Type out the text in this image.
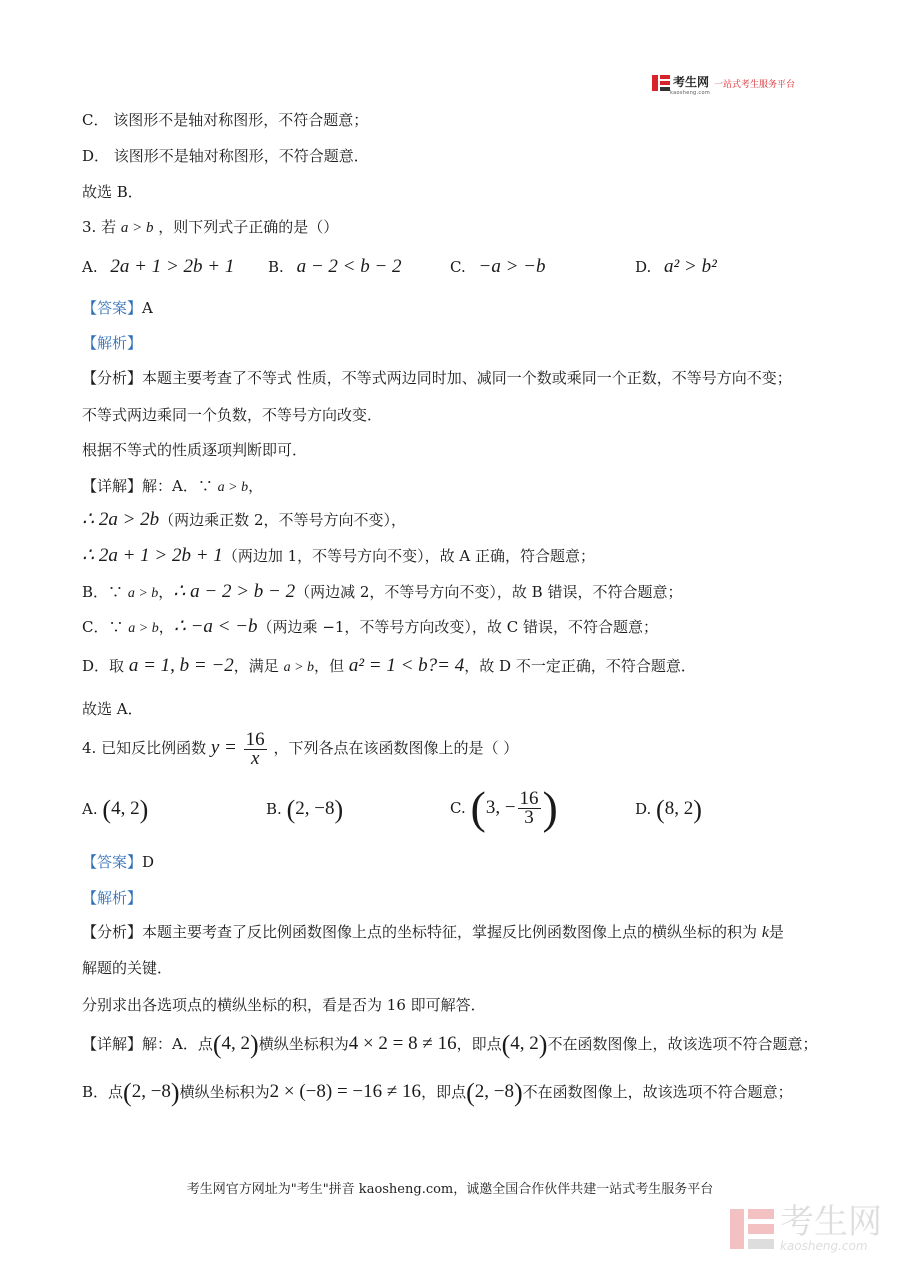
考生网
kaosheng.com
一站式考生服务平台
C． 该图形不是轴对称图形，不符合题意；
D． 该图形不是轴对称图形，不符合题意．
故选 B．
3. 若 a > b ，则下列式子正确的是（）
A. 2a + 1 > 2b + 1 B. a − 2 < b − 2	C. −a > −b	D. a² > b²
【答案】A
【解析】
【分析】本题主要考查了不等式 性质，不等式两边同时加、减同一个数或乘同一个正数，不等号方向不变；
不等式两边乘同一个负数，不等号方向改变．
根据不等式的性质逐项判断即可．
【详解】解：A．∵ a > b，
∴ 2a > 2b（两边乘正数 2，不等号方向不变），
∴ 2a + 1 > 2b + 1（两边加 1，不等号方向不变），故 A 正确，符合题意；
B．∵ a > b，∴ a − 2 > b − 2（两边减 2，不等号方向不变），故 B 错误，不符合题意；
C．∵ a > b，∴ −a < −b（两边乘 −1，不等号方向改变），故 C 错误，不符合题意；
D．取 a = 1, b = −2，满足 a > b，但 a² = 1 < b?= 4，故 D 不一定正确，不符合题意．
故选 A．
4. 已知反比例函数 $y = \frac{16}{x}$ ，下列各点在该函数图像上的是（ ）
A. (4, 2)	B. (2, −8)	C. (3, − $\frac{16}{3}$ )	D. (8, 2)
【答案】D
【解析】
【分析】本题主要考查了反比例函数图像上点的坐标特征，掌握反比例函数图像上点的横纵坐标的积为 k是
解题的关键．
分别求出各选项点的横纵坐标的积，看是否为 16 即可解答．
【详解】解：A．点(4, 2)横纵坐标积为4 × 2 = 8 ≠ 16，即点(4, 2)不在函数图像上，故该选项不符合题意；
B．点(2, −8)横纵坐标积为2 × (−8) = −16 ≠ 16，即点(2, −8)不在函数图像上，故该选项不符合题意；
考生网官方网址为"考生"拼音 kaosheng.com，诚邀全国合作伙伴共建一站式考生服务平台
考生网
kaosheng.com
